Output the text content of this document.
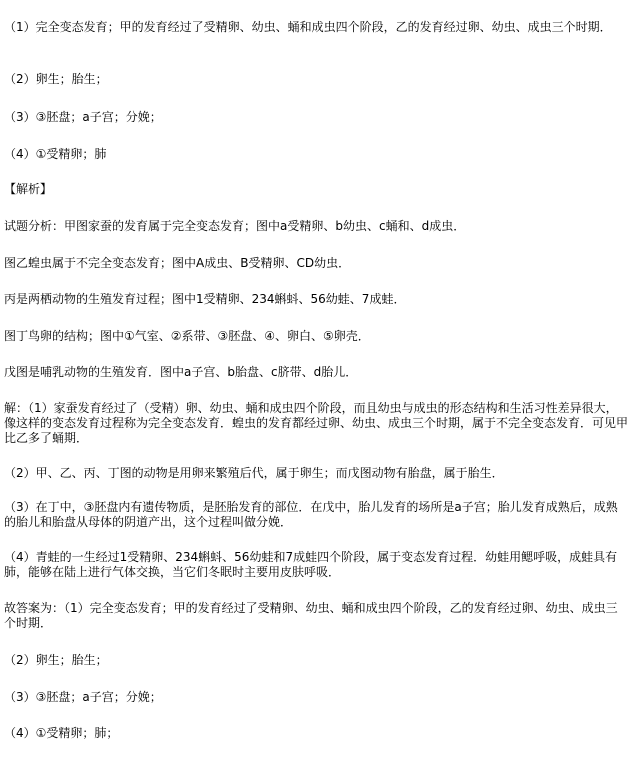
（1）完全变态发育；甲的发育经过了受精卵、幼虫、蛹和成虫四个阶段，乙的发育经过卵、幼虫、成虫三个时期．
（2）卵生；胎生；
（3）③胚盘；a子宫；分娩；
（4）①受精卵；肺
【解析】
试题分析：甲图家蚕的发育属于完全变态发育；图中a受精卵、b幼虫、c蛹和、d成虫．
图乙蝗虫属于不完全变态发育；图中A成虫、B受精卵、CD幼虫．
丙是两栖动物的生殖发育过程；图中1受精卵、234蝌蚪、56幼蛙、7成蛙．
图丁鸟卵的结构；图中①气室、②系带、③胚盘、④、卵白、⑤卵壳．
戊图是哺乳动物的生殖发育．图中a子宫、b胎盘、c脐带、d胎儿．
解：（1）家蚕发育经过了（受精）卵、幼虫、蛹和成虫四个阶段，而且幼虫与成虫的形态结构和生活习性差异很大，像这样的变态发育过程称为完全变态发育．蝗虫的发育都经过卵、幼虫、成虫三个时期，属于不完全变态发育．可见甲比乙多了蛹期．
（2）甲、乙、丙、丁图的动物是用卵来繁殖后代，属于卵生；而戊图动物有胎盘，属于胎生．
（3）在丁中，③胚盘内有遗传物质，是胚胎发育的部位．在戊中，胎儿发育的场所是a子宫；胎儿发育成熟后，成熟的胎儿和胎盘从母体的阴道产出，这个过程叫做分娩．
（4）青蛙的一生经过1受精卵、234蝌蚪、56幼蛙和7成蛙四个阶段，属于变态发育过程．幼蛙用鳃呼吸，成蛙具有肺，能够在陆上进行气体交换，当它们冬眠时主要用皮肤呼吸．
故答案为：（1）完全变态发育；甲的发育经过了受精卵、幼虫、蛹和成虫四个阶段，乙的发育经过卵、幼虫、成虫三个时期．
（2）卵生；胎生；
（3）③胚盘；a子宫；分娩；
（4）①受精卵；肺；
